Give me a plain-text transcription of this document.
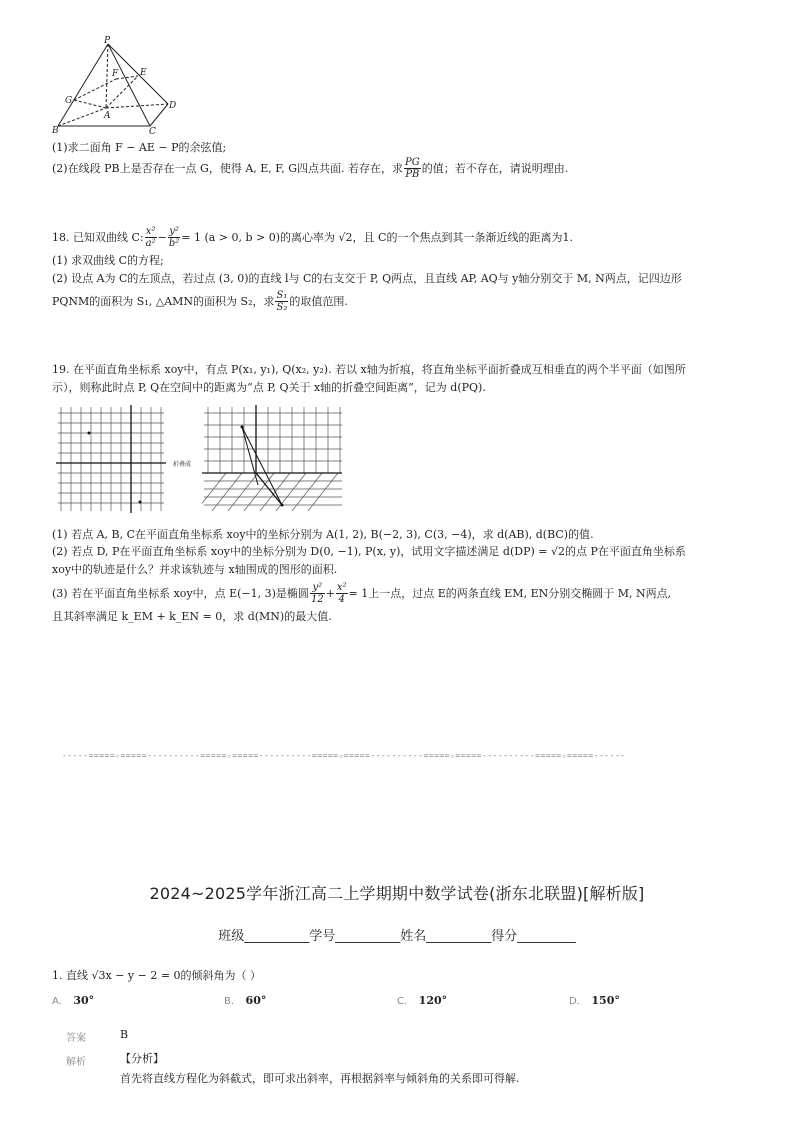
P
F E
G
A
D
B	C
(1)求二面角 F − AE − P的余弦值;
(2)在线段 PB上是否存在一点 G，使得 A, E, F, G四点共面. 若存在，求 $\frac{PG}{PB}$ 的值；若不存在，请说明理由.
18. 已知双曲线 C: $\frac{\text{x²}}{\text{a²}} - \frac{\text{y²}}{\text{b²}} = 1$ (a > 0, b > 0)的离心率为 √2，且 C的一个焦点到其一条渐近线的距离为1.
(1) 求双曲线 C的方程;
(2) 设点 A为 C的左顶点，若过点 (3, 0)的直线 l与 C的右支交于 P, Q两点，且直线 AP, AQ与 y轴分别交于 M, N两点，记四边形
PQNM的面积为 S₁, △AMN的面积为 S₂，求 $\frac{\text{S₁}}{\text{S₂}}$ 的取值范围.
19. 在平面直角坐标系 xoy中，有点 P(x₁, y₁), Q(x₂, y₂). 若以 x轴为折痕，将直角坐标平面折叠成互相垂直的两个半平面（如图所
示），则称此时点 P, Q在空间中的距离为“点 P, Q关于 x轴的折叠空间距离”，记为 d(PQ).
折叠成
(1) 若点 A, B, C在平面直角坐标系 xoy中的坐标分别为 A(1, 2), B(−2, 3), C(3, −4)，求 d(AB), d(BC)的值.
(2) 若点 D, P在平面直角坐标系 xoy中的坐标分别为 D(0, −1), P(x, y)，试用文字描述满足 d(DP) = √2的点 P在平面直角坐标系
xoy中的轨迹是什么？并求该轨迹与 x轴围成的图形的面积.
(3) 若在平面直角坐标系 xoy中，点 E(−1, 3)是椭圆 $\frac{\text{y²}}{12} + \frac{\text{x²}}{4} = 1$上一点，过点 E的两条直线 EM, EN分别交椭圆于 M, N两点,
且其斜率满足 k_EM + k_EN = 0，求 d(MN)的最大值.
-----=====☆=====----------=====☆=====----------=====☆=====----------=====☆=====----------=====☆=====------
2024~2025学年浙江高二上学期期中数学试卷(浙东北联盟)[解析版]
班级__________学号__________姓名__________得分_________
1. 直线 √3x − y − 2 = 0的倾斜角为（ ）
A. 30°	B. 60°	C. 120°	D. 150°
答案	B
解析	【分析】
首先将直线方程化为斜截式，即可求出斜率，再根据斜率与倾斜角的关系即可得解.
